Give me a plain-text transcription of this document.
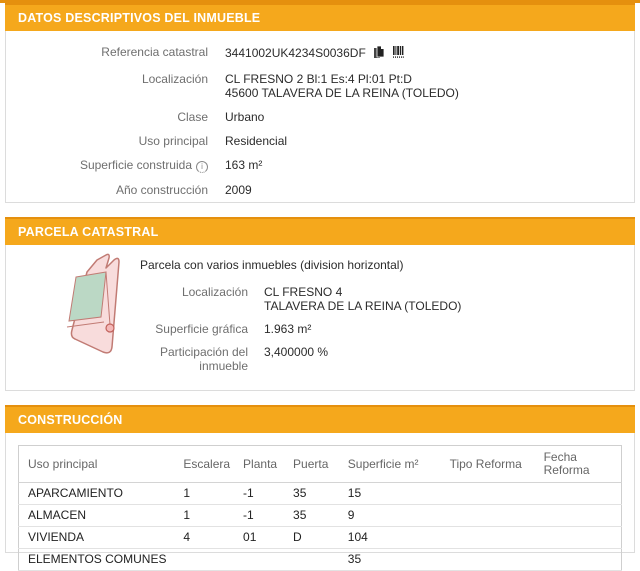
DATOS DESCRIPTIVOS DEL INMUEBLE
Referencia catastral 3441002UK4234S0036DF
Localización CL FRESNO 2 Bl:1 Es:4 Pl:01 Pt:D
45600 TALAVERA DE LA REINA (TOLEDO)
Clase Urbano
Uso principal Residencial
Superficie construida i	163 m²
Año construcción 2009
PARCELA CATASTRAL
Parcela con varios inmuebles (division horizontal)
Localización CL FRESNO 4
TALAVERA DE LA REINA (TOLEDO)
Superficie gráfica 1.963 m²
Participación del inmueble
3,400000 %
CONSTRUCCIÓN
Uso principal	Escalera	Planta	Puerta	Superficie m²	Tipo Reforma	Fecha Reforma
APARCAMIENTO	1	-1	35	15		
ALMACEN	1	-1	35	9		
VIVIENDA	4	01	D	104		
ELEMENTOS COMUNES				35		
